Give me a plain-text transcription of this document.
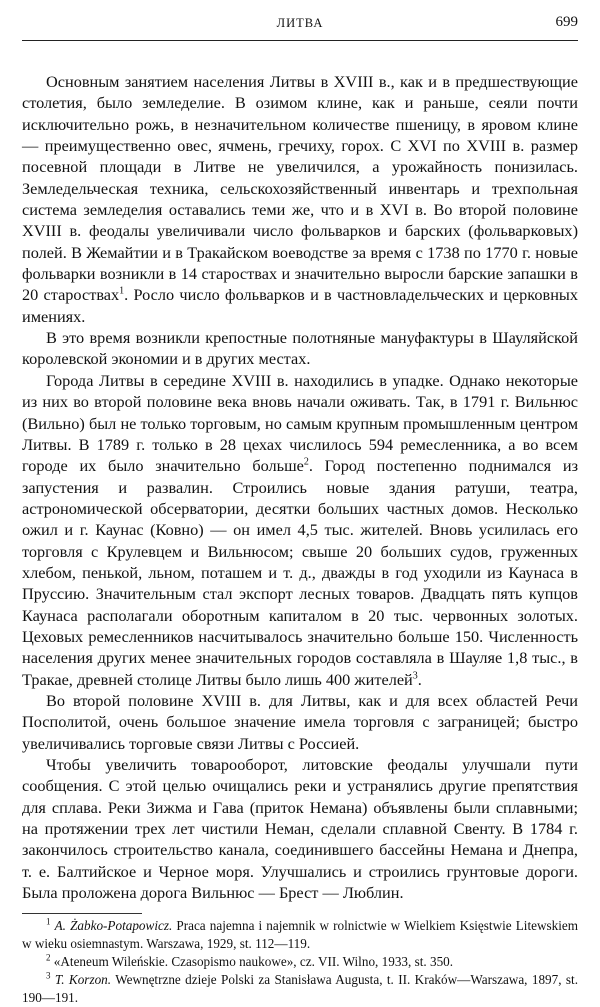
ЛИТВА	699

Основным занятием населения Литвы в XVIII в., как и в предшествующие столетия, было земледелие. В озимом клине, как и раньше, сеяли почти исключительно рожь, в незначительном количестве пшеницу, в яровом клине — преимущественно овес, ячмень, гречиху, горох. С XVI по XVIII в. размер посевной площади в Литве не увеличился, а урожайность понизилась. Земледельческая техника, сельскохозяйственный инвентарь и трехпольная система земледелия оставались теми же, что и в XVI в. Во второй половине XVIII в. феодалы увеличивали число фольварков и барских (фольварковых) полей. В Жемайтии и в Тракайском воеводстве за время с 1738 по 1770 г. новые фольварки возникли в 14 староствах и значительно выросли барские запашки в 20 староствах$^1$. Росло число фольварков и в частновладельческих и церковных имениях.

В это время возникли крепостные полотняные мануфактуры в Шауляйской королевской экономии и в других местах.

Города Литвы в середине XVIII в. находились в упадке. Однако некоторые из них во второй половине века вновь начали оживать. Так, в 1791 г. Вильнюс (Вильно) был не только торговым, но самым крупным промышленным центром Литвы. В 1789 г. только в 28 цехах числилось 594 ремесленника, а во всем городе их было значительно больше$^2$. Город постепенно поднимался из запустения и развалин. Строились новые здания ратуши, театра, астрономической обсерватории, десятки больших частных домов. Несколько ожил и г. Каунас (Ковно) — он имел 4,5 тыс. жителей. Вновь усилилась его торговля с Крулевцем и Вильнюсом; свыше 20 больших судов, груженных хлебом, пенькой, льном, поташем и т. д., дважды в год уходили из Каунаса в Пруссию. Значительным стал экспорт лесных товаров. Двадцать пять купцов Каунаса располагали оборотным капиталом в 20 тыс. червонных золотых. Цеховых ремесленников насчитывалось значительно больше 150. Численность населения других менее значительных городов составляла в Шауляе 1,8 тыс., в Тракае, древней столице Литвы было лишь 400 жителей$^3$.

Во второй половине XVIII в. для Литвы, как и для всех областей Речи Посполитой, очень большое значение имела торговля с заграницей; быстро увеличивались торговые связи Литвы с Россией.

Чтобы увеличить товарооборот, литовские феодалы улучшали пути сообщения. С этой целью очищались реки и устранялись другие препятствия для сплава. Реки Зижма и Гава (приток Немана) объявлены были сплавными; на протяжении трех лет чистили Неман, сделали сплавной Свенту. В 1784 г. закончилось строительство канала, соединившего бассейны Немана и Днепра, т. е. Балтийское и Черное моря. Улучшались и строились грунтовые дороги. Была проложена дорога Вильнюс — Брест — Люблин.

$^1$ A. Żabko-Potapowicz. Praca najemna i najemnik w rolnictwie w Wielkiem Księstwie Litewskiem w wieku osiemnastym. Warszawa, 1929, st. 112—119.

$^2$ «Ateneum Wileńskie. Czasopismo naukowe», cz. VII. Wilno, 1933, st. 350.

$^3$ T. Korzon. Wewnętrzne dzieje Polski za Stanisława Augusta, t. II. Kraków—Warszawa, 1897, st. 190—191.
